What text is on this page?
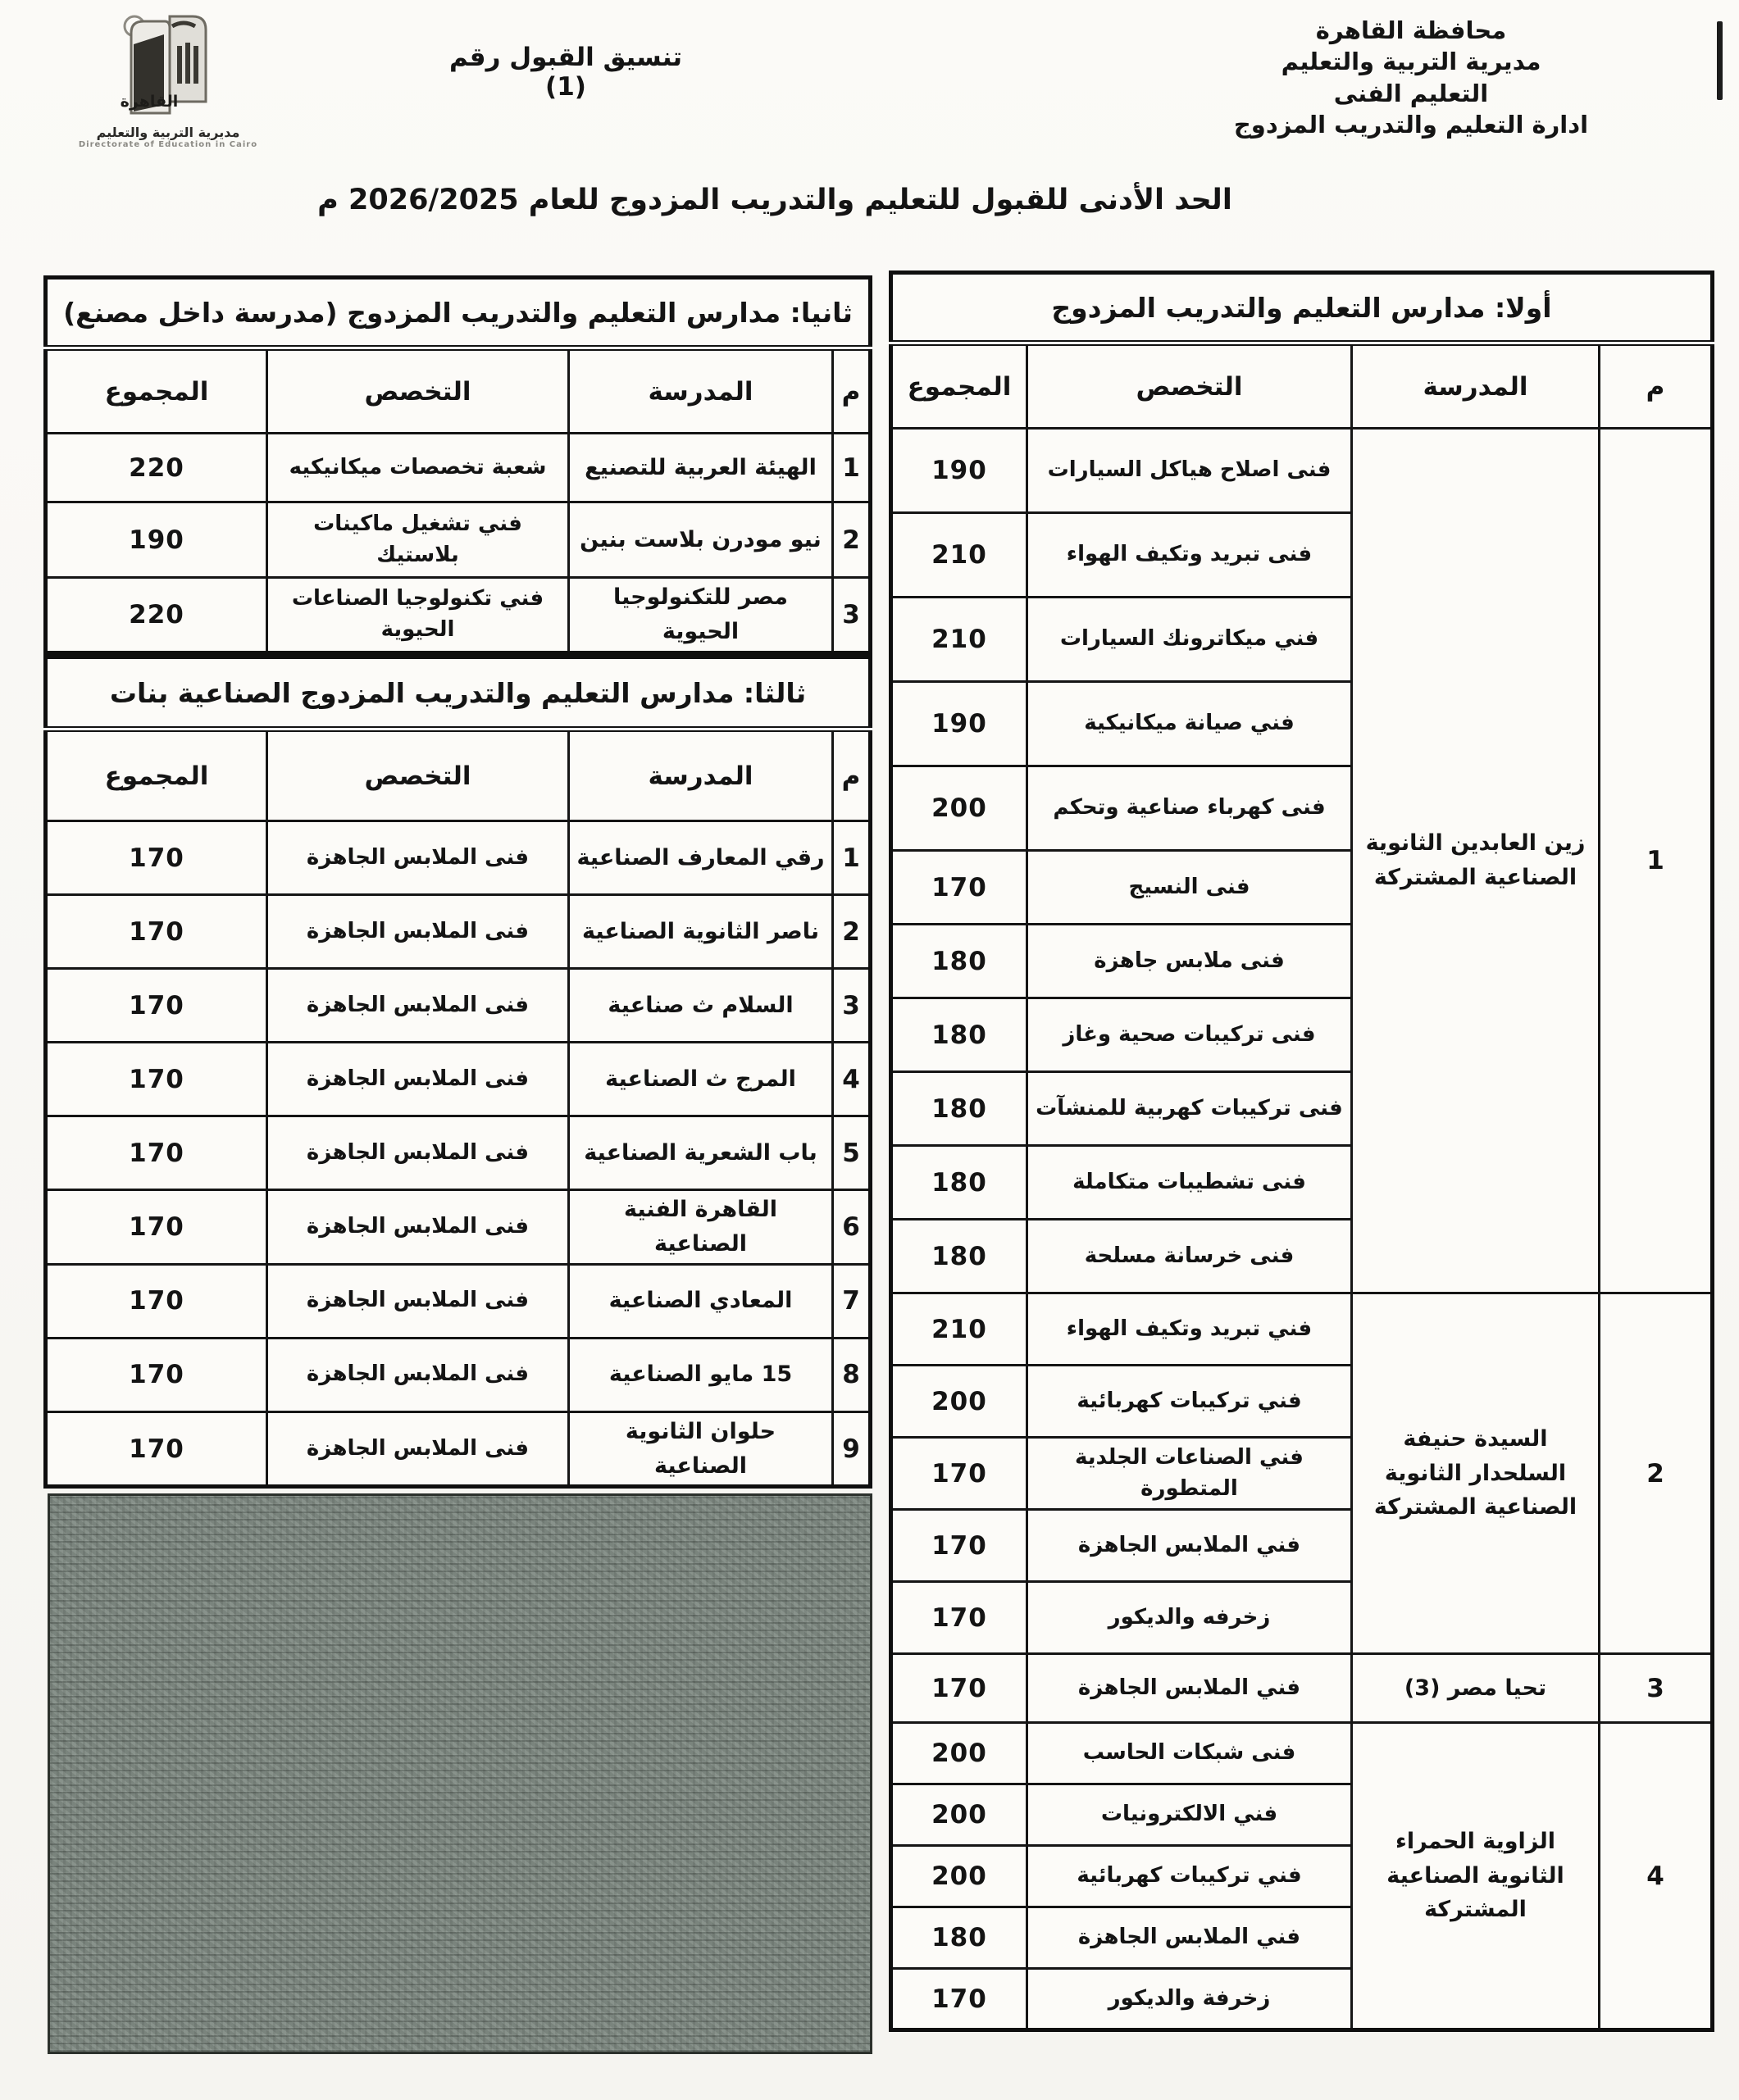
القاهرة
مديرية التربية والتعليم
Directorate of Education in Cairo
محافظة القاهرة
مديرية التربية والتعليم
التعليم الفنى
ادارة التعليم والتدريب المزدوج
تنسيق القبول رقم (1)
الحد الأدنى للقبول للتعليم والتدريب المزدوج للعام 2026/2025 م
أولا: مدارس التعليم والتدريب المزدوج			
م	المدرسة	التخصص	المجموع
1	زين العابدين الثانوية الصناعية المشتركة	فنى اصلاح هياكل السيارات	190
		فنى تبريد وتكيف الهواء	210
		فني ميكاترونك السيارات	210
		فني صيانة ميكانيكية	190
		فنى كهرباء صناعية وتحكم	200
		فنى النسيج	170
		فنى ملابس جاهزة	180
		فنى تركيبات صحية وغاز	180
		فنى تركيبات كهربية للمنشآت	180
		فنى تشطيبات متكاملة	180
		فنى خرسانة مسلحة	180
2	السيدة حنيفة السلحدار الثانوية الصناعية المشتركة	فني تبريد وتكيف الهواء	210
		فني تركيبات كهربائية	200
		فني الصناعات الجلدية المتطورة	170
		فني الملابس الجاهزة	170
		زخرفه والديكور	170
3	تحيا مصر (3)	فني الملابس الجاهزة	170
4	الزاوية الحمراء الثانوية الصناعية المشتركة	فنى شبكات الحاسب	200
		فني الالكترونيات	200
		فني تركيبات كهربائية	200
		فني الملابس الجاهزة	180
		زخرفة والديكور	170
ثانيا: مدارس التعليم والتدريب المزدوج (مدرسة داخل مصنع)			
م	المدرسة	التخصص	المجموع
1	الهيئة العربية للتصنيع	شعبة تخصصات ميكانيكيه	220
2	نيو مودرن بلاست بنين	فني تشغيل ماكينات بلاستيك	190
3	مصر للتكنولوجيا الحيوية	فني تكنولوجيا الصناعات الحيوية	220
ثالثا: مدارس التعليم والتدريب المزدوج الصناعية بنات			
م	المدرسة	التخصص	المجموع
1	رقي المعارف الصناعية	فنى الملابس الجاهزة	170
2	ناصر الثانوية الصناعية	فنى الملابس الجاهزة	170
3	السلام ث صناعية	فنى الملابس الجاهزة	170
4	المرج ث الصناعية	فنى الملابس الجاهزة	170
5	باب الشعرية الصناعية	فنى الملابس الجاهزة	170
6	القاهرة الفنية الصناعية	فنى الملابس الجاهزة	170
7	المعادي الصناعية	فنى الملابس الجاهزة	170
8	15 مايو الصناعية	فنى الملابس الجاهزة	170
9	حلوان الثانوية الصناعية	فنى الملابس الجاهزة	170
